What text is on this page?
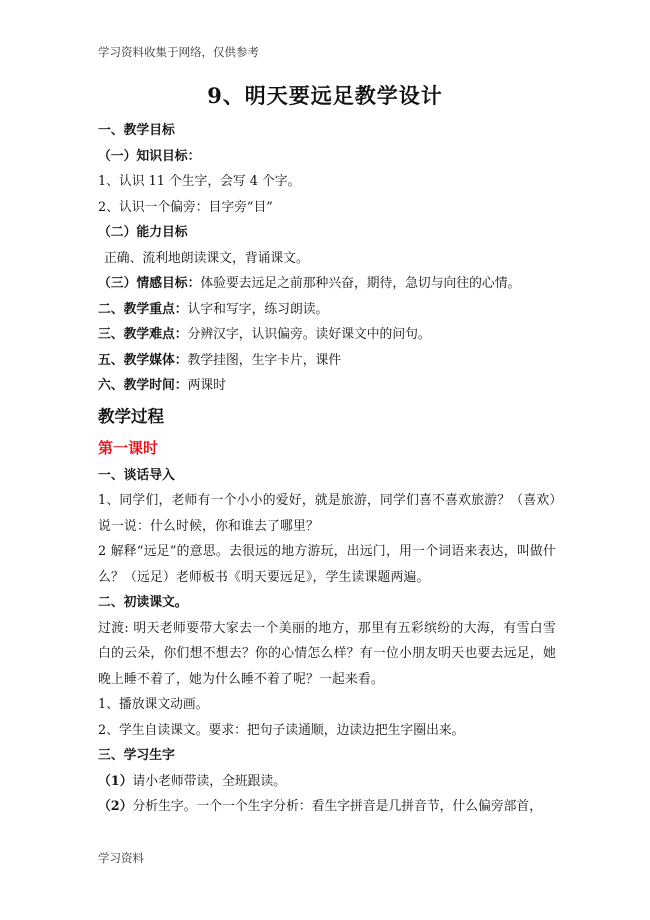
学习资料收集于网络，仅供参考
9、明天要远足教学设计
一、教学目标
（一）知识目标：
1、认识 11 个生字，会写 4 个字。
2、认识一个偏旁：目字旁“目”
（二）能力目标
正确、流利地朗读课文，背诵课文。
（三）情感目标：体验要去远足之前那种兴奋，期待，急切与向往的心情。
二、教学重点：认字和写字，练习朗读。
三、教学难点：分辨汉字，认识偏旁。读好课文中的问句。
五、教学媒体：教学挂图，生字卡片，课件
六、教学时间：两课时
教学过程
第一课时
一、谈话导入
1、同学们，老师有一个小小的爱好，就是旅游，同学们喜不喜欢旅游？（喜欢）说一说：什么时候，你和谁去了哪里？
2 解释“远足”的意思。去很远的地方游玩，出远门，用一个词语来表达，叫做什么？（远足）老师板书《明天要远足》，学生读课题两遍。
二、初读课文。
过渡: 明天老师要带大家去一个美丽的地方，那里有五彩缤纷的大海，有雪白雪白的云朵，你们想不想去？你的心情怎么样？有一位小朋友明天也要去远足，她晚上睡不着了，她为什么睡不着了呢？一起来看。
1、播放课文动画。
2、学生自读课文。要求：把句子读通顺，边读边把生字圈出来。
三、学习生字
（1）请小老师带读，全班跟读。
（2）分析生字。一个一个生字分析：看生字拼音是几拼音节，什么偏旁部首，
学习资料
